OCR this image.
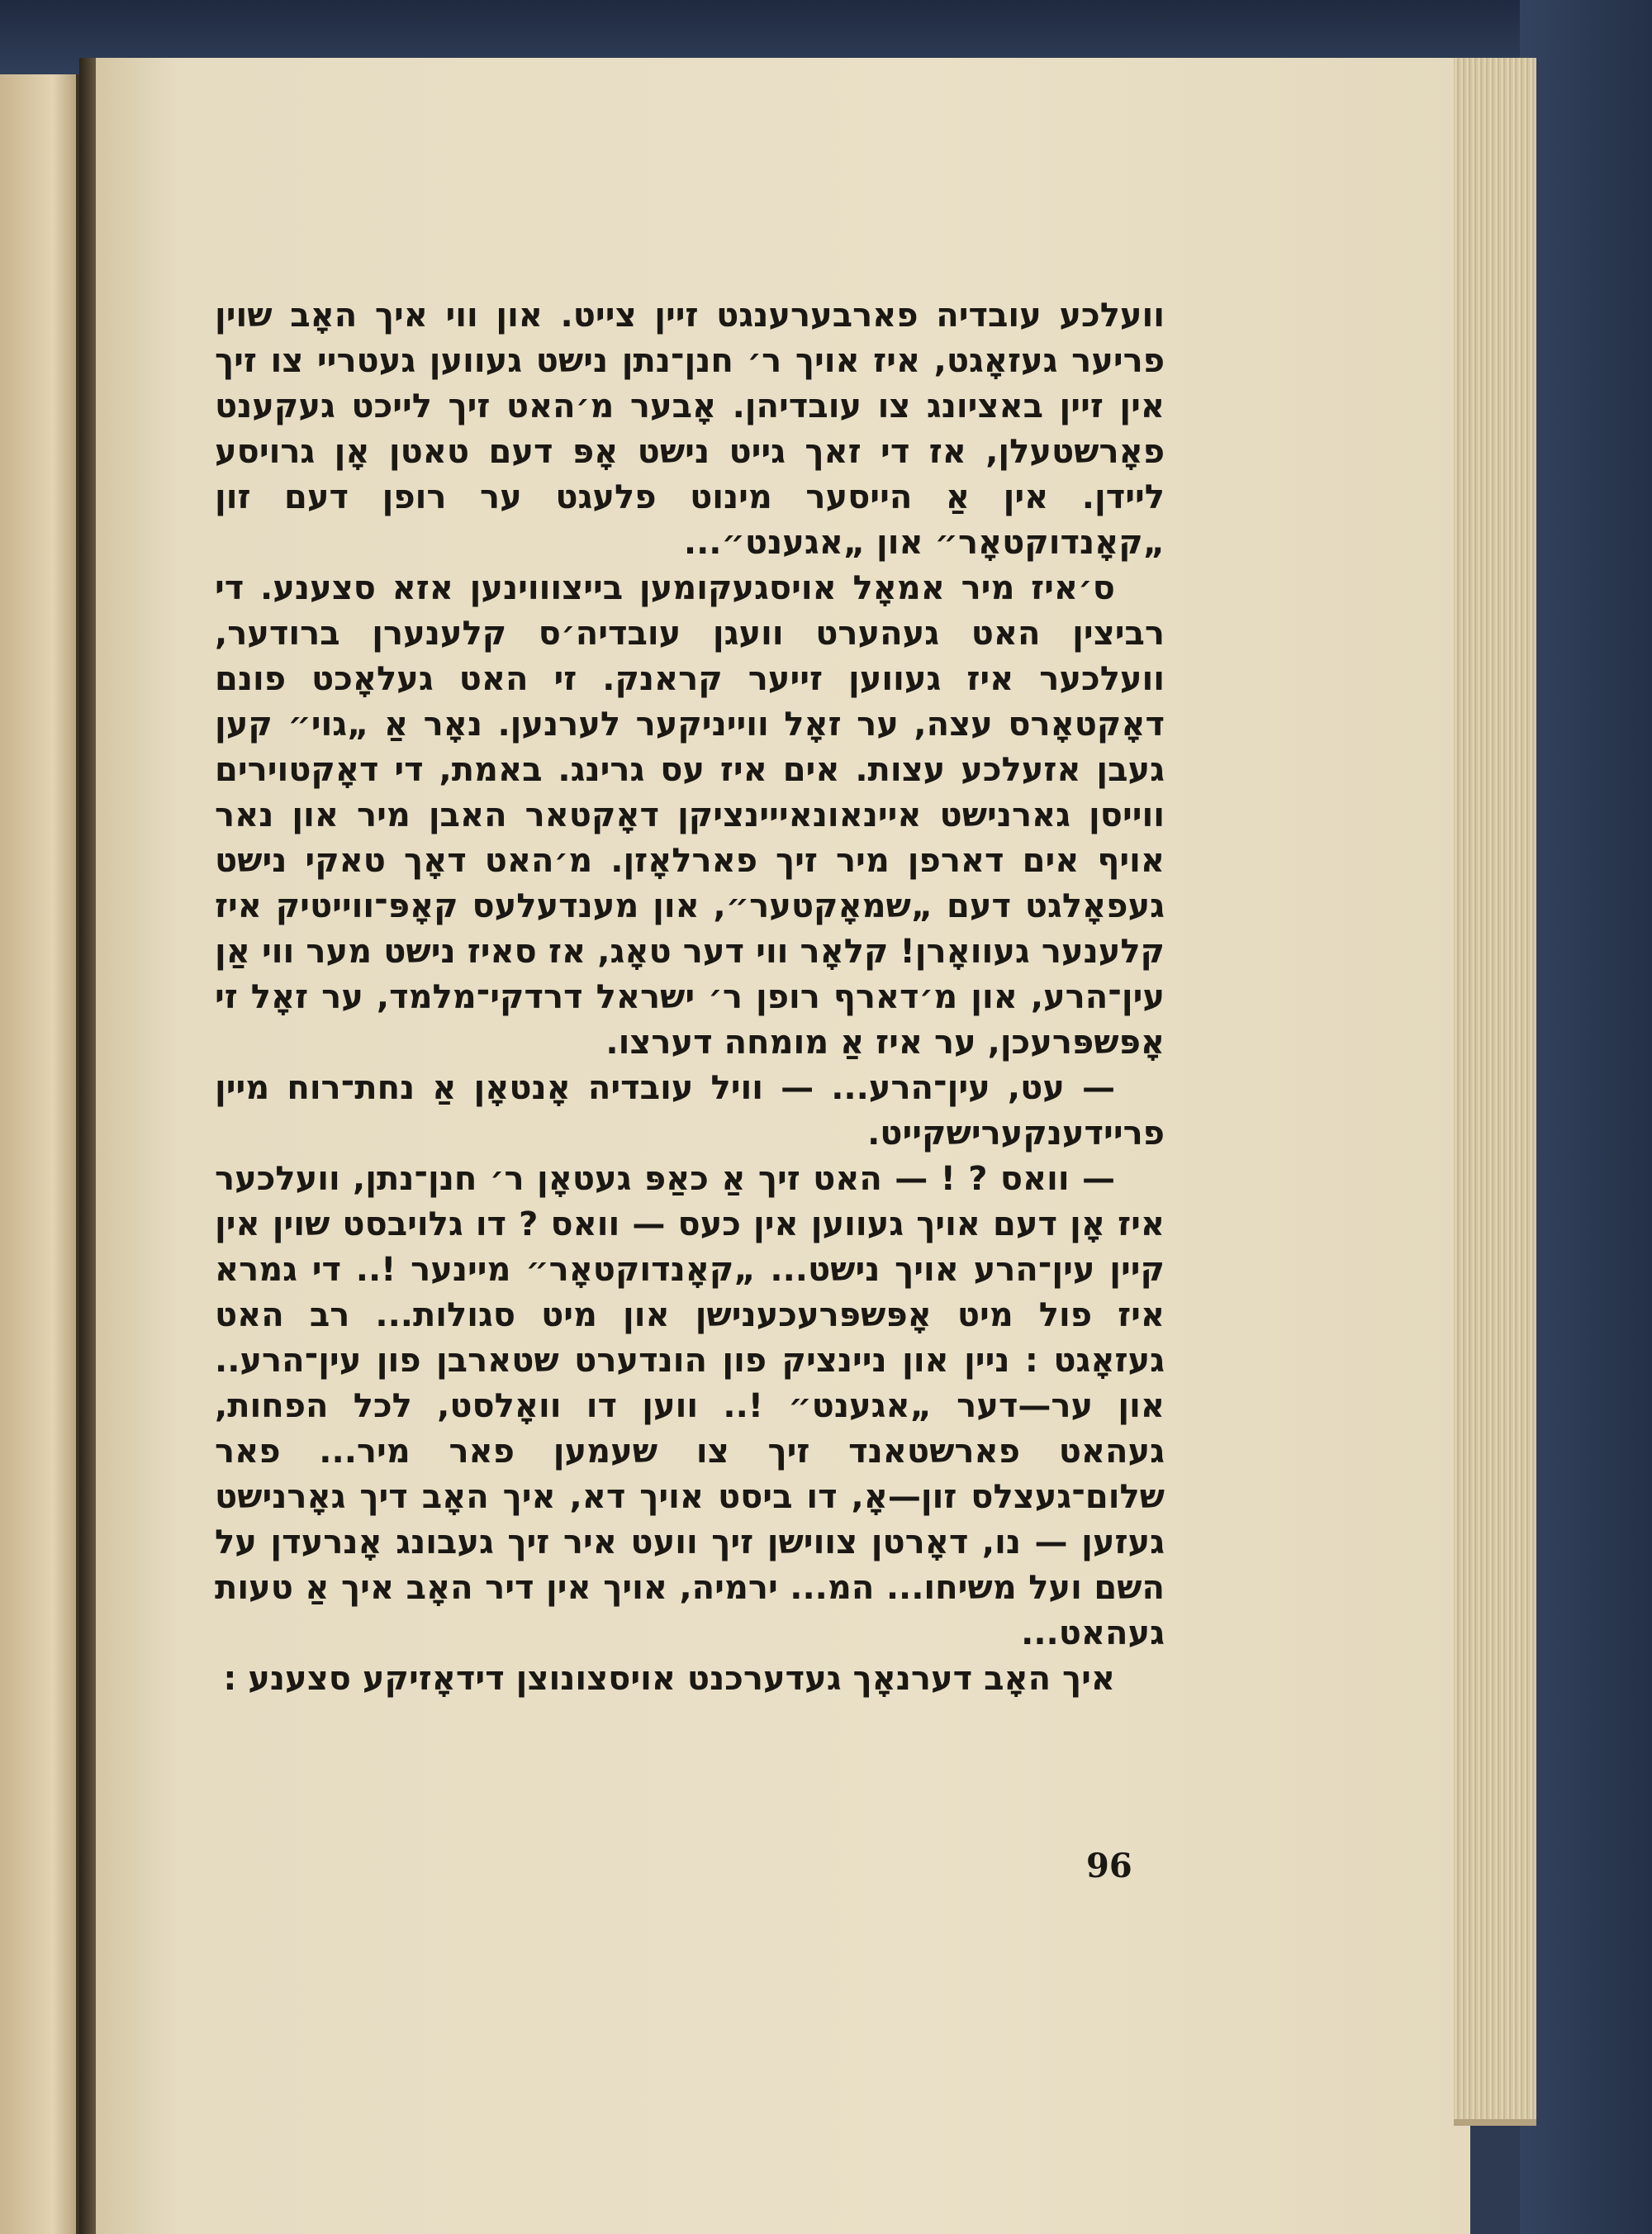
וועלכע עובדיה פארבערענגט זיין צייט. און ווי איך האָב שוין פריער געזאָגט, איז אויך ר׳ חנן־נתן נישט געווען געטריי צו זיך אין זיין באציונג צו עובדיהן. אָבער מ׳האט זיך לייכט געקענט פאָרשטעלן, אז די זאך גייט נישט אָפּ דעם טאטן אָן גרויסע ליידן. אין אַ הייסער מינוט פלעגט ער רופן דעם זון „קאָנדוקטאָר״ און „אגענט״...

ס׳איז מיר אמאָל אויסגעקומען בייצוווינען אזא סצענע. די רביצין האט געהערט וועגן עובדיה׳ס קלענערן ברודער, וועלכער איז געווען זייער קראנק. זי האט געלאָכט פונם דאָקטאָרס עצה, ער זאָל ווייניקער לערנען. נאָר אַ „גוי״ קען געבן אזעלכע עצות. אים איז עס גרינג. באמת, די דאָקטוירים ווייסן גארנישט איינאונאייינציקן דאָקטאר האבן מיר און נאר אויף אים דארפן מיר זיך פארלאָזן. מ׳האט דאָך טאקי נישט געפאָלגט דעם „שמאָקטער״, און מענדעלעס קאָפּ־ווייטיק איז קלענער געוואָרן! קלאָר ווי דער טאָג, אז סאיז נישט מער ווי אַן עין־הרע, און מ׳דארף רופן ר׳ ישראל דרדקי־מלמד, ער זאָל זי אָפּשפּרעכן, ער איז אַ מומחה דערצו.

— עט, עין־הרע... — וויל עובדיה אָנטאָן אַ נחת־רוח מיין פריידענקערישקייט.

— וואס ? ! — האט זיך אַ כאַפּ געטאָן ר׳ חנן־נתן, וועלכער איז אָן דעם אויך געווען אין כעס — וואס ? דו גלויבסט שוין אין קיין עין־הרע אויך נישט... „קאָנדוקטאָר״ מיינער !.. די גמרא איז פול מיט אָפּשפּרעכענישן און מיט סגולות... רב האט געזאָגט : ניין און ניינציק פון הונדערט שטארבן פון עין־הרע.. און ער—דער „אגענט״ !.. ווען דו וואָלסט, לכל הפחות, געהאט פארשטאנד זיך צו שעמען פאר מיר... פאר שלום־געצלס זון—אָ, דו ביסט אויך דא, איך האָב דיך גאָרנישט געזען — נו, דאָרטן צווישן זיך וועט איר זיך געבונג אָנרעדן על השם ועל משיחו... המ... ירמיה, אויך אין דיר האָב איך אַ טעות געהאט...

איך האָב דערנאָך געדערכנט אויסצונוצן דידאָזיקע סצענע :

96
